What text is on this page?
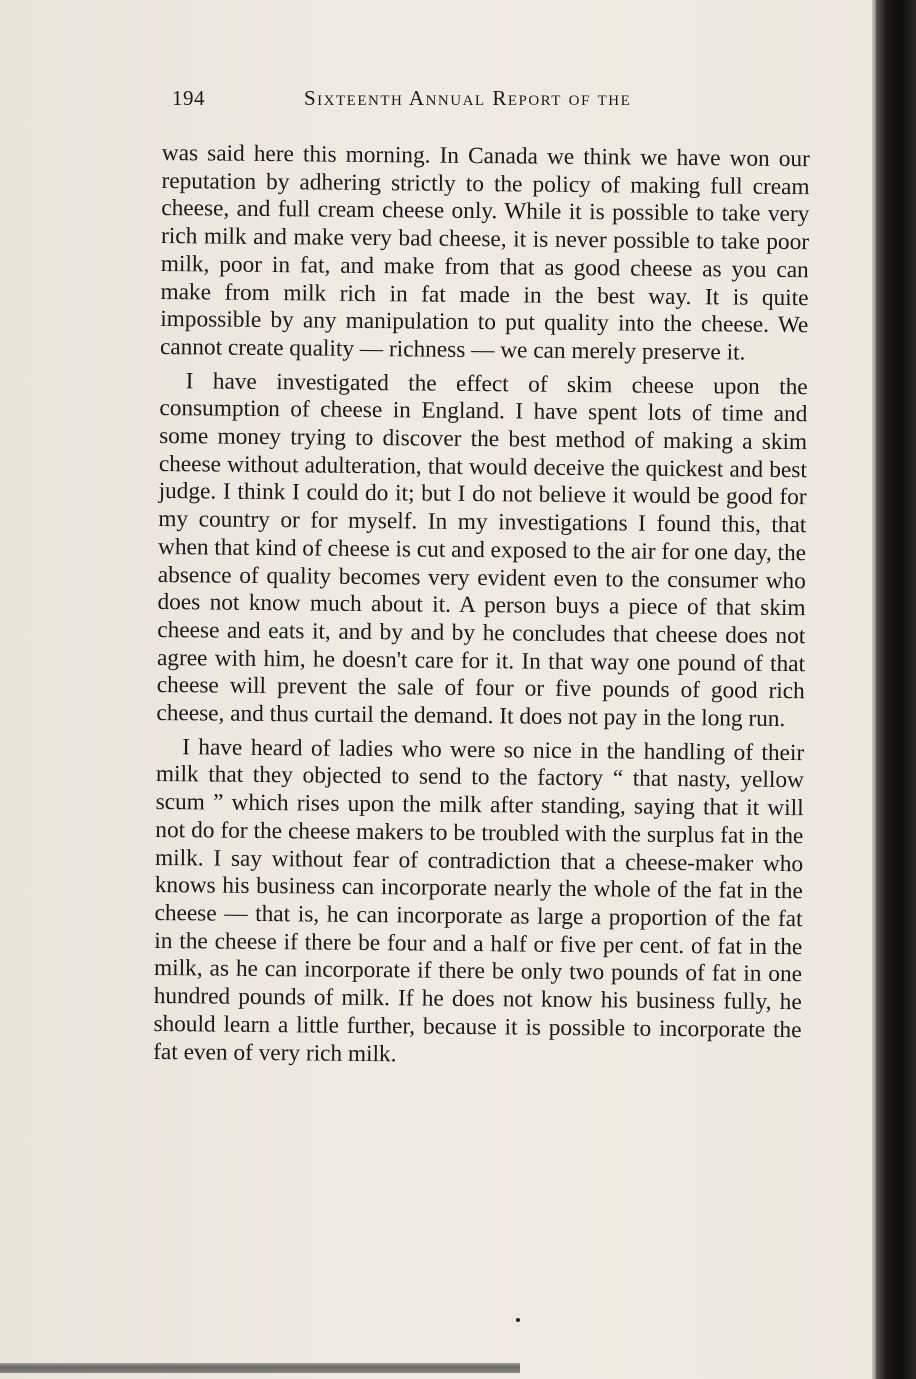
194	Sixteenth Annual Report of the

was said here this morning. In Canada we think we have won our reputation by adhering strictly to the policy of making full cream cheese, and full cream cheese only. While it is possible to take very rich milk and make very bad cheese, it is never possible to take poor milk, poor in fat, and make from that as good cheese as you can make from milk rich in fat made in the best way. It is quite impossible by any manipulation to put quality into the cheese. We cannot create quality — richness — we can merely preserve it.

I have investigated the effect of skim cheese upon the consumption of cheese in England. I have spent lots of time and some money trying to discover the best method of making a skim cheese without adulteration, that would deceive the quickest and best judge. I think I could do it; but I do not believe it would be good for my country or for myself. In my investigations I found this, that when that kind of cheese is cut and exposed to the air for one day, the absence of quality becomes very evident even to the consumer who does not know much about it. A person buys a piece of that skim cheese and eats it, and by and by he concludes that cheese does not agree with him, he doesn't care for it. In that way one pound of that cheese will prevent the sale of four or five pounds of good rich cheese, and thus curtail the demand. It does not pay in the long run.

I have heard of ladies who were so nice in the handling of their milk that they objected to send to the factory “ that nasty, yellow scum ” which rises upon the milk after standing, saying that it will not do for the cheese makers to be troubled with the surplus fat in the milk. I say without fear of contradiction that a cheese-maker who knows his business can incorporate nearly the whole of the fat in the cheese — that is, he can incorporate as large a proportion of the fat in the cheese if there be four and a half or five per cent. of fat in the milk, as he can incorporate if there be only two pounds of fat in one hundred pounds of milk. If he does not know his business fully, he should learn a little further, because it is possible to incorporate the fat even of very rich milk.
